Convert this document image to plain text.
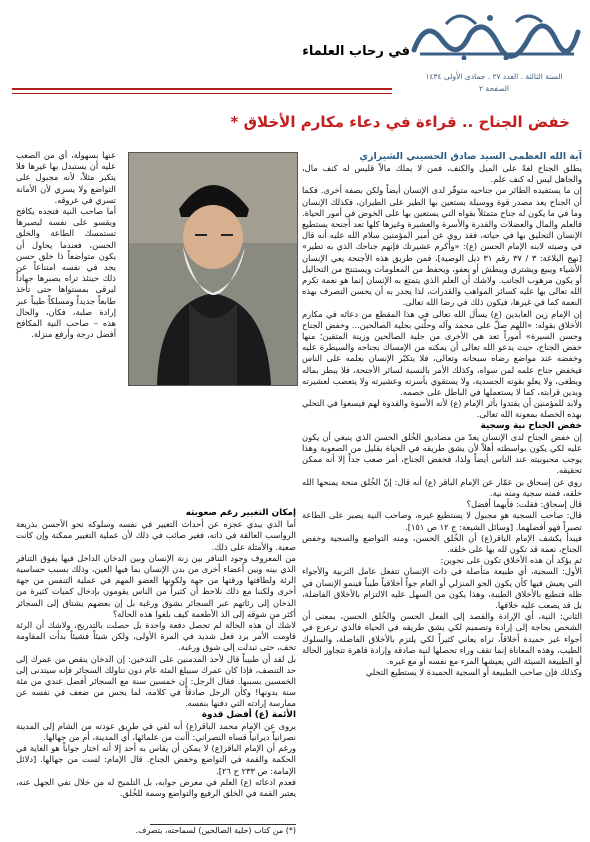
السنة الثالثة . العدد ٢٧ . جمادى الأولى ١٤٣٤
الصفحة ٢
في رحاب العلماء
خفض الجناح .. قراءة في دعاء مكارم الأخلاق *

آية الله العظمى السيد صادق الحسيني الشيرازي

يطلق الجناح لغةً على الميل والكنف، فمن لا يملك مالاً قليس له كنف مال، والجاهل ليس له كنف علم.

إن ما يستفيده الطائر من جناحيه متوفّر لدى الإنسان أيضاً ولكن بصفة أخرى. فكما أن الجناح يعد مصدر قوة ووسيلة يستعين بها الطير على الطيران، فكذلك الإنسان وما في ما يكون له جناح متمثلاً بقواه التي يستعين بها على الخوض في أمور الحياة. فالعلم والمال والعضلات والقدرة والأسرة والعشيرة وغيرها كلها تعد أجنحة يستطيع الإنسان التحليق بها في حياته، فقد روي عن أمير المؤمنين سلام الله عليه أنه قال في وصيته لابنه الإمام الحسن (ع): «وأكرم عشيرتك فإنهم جناحك الذي به تطير» [نهج البلاغة: ٣ / ٣٧ رقم ٣١ ذيل الوصية]، فمن طريق هذه الأجنحة يعي الإنسان الأشياء ويبيع ويشتري ويبطش أو يعفو، ويحفظ من المعلومات ويستنتج من التحاليل أو يكون مرهوب الجانب. ولاشك أن العلم الذي يتمتع به الإنسان إنما هو نعمة تكرم الله تعالى بها عليه كسائر المواهب والقدرات، لذا يجدر به أن يحسن التصرف بهذه النعمة كما في غيرها، فيكون ذلك في رضا الله تعالى.

إن الإمام زين العابدين (ع) يسأل الله تعالى في هذا المقطع من دعائه في مكارم الأخلاق بقوله: «اللهم صلّ على محمد وآله وحلّني بحلية الصالحين... وخفض الجناح وحسن السيرة» أموراً تعد هي الأخرى من حلية الصالحين وزينة المتقين؛ منها خفض الجناح، حيث يدعو الله تعالى أن يمكنه من الإمساك بجناحه والسيطرة عليه وخفضه عند مواضع رضاه سبحانه وتعالى، فلا يتكبّر الإنسان بعلمه على الناس فيخفض جناح علمه لمن سواه، وكذلك الأمر بالنسبة لسائر الأجنحة، فلا يبطر بماله ويطغى، ولا يعلو بقوته الجسدية، ولا يستقوي بأسرته وعشيرته ولا يتعصب لعشيرته ويدين قرابته، كما لا يستعملها في الباطل على خصمه.

ولابد للمؤمنين أن يقتدوا بأثر الإمام (ع) لأنه الأسوة والقدوة لهم فيسعوا في التحلي بهذه الخصلة بمعونة الله تعالى.

خفض الجناح نية وسجية

إن خفض الجناح لدى الإنسان يعدّ من مصاديق الخُلق الحسن الذي ينبغي أن يكون عليه لكي يكون بواسطته أهلاً لأن يشق طريقه في الحياة بقليل من الصعوبة وهذا يوجب محبوبيته عند الناس أيضاً ولذا، فخفض الجناح، أمر صعب جداً إلا أنه ممكن تحقيقه.

روي عن إسحاق بن عمّار عن الإمام الباقر (ع) أنه قال: إنّ الخُلق منحة يمنحها الله خلقه، فمنه سجية ومنه نية.

قال إسحاق: فقلت: فأيهما أفضل؟

قال: صاحب السجية هو مجبول لا يستطيع غيره، وصاحب النية يصبر على الطاعة تصبراً فهو أفضلهما. [وسائل الشيعة: ج ١٢ ص ١٥١].

فيبدأ يكشف الإمام الباقر(ع) أن الخُلق الحسن، ومنه التواضع والسجية وخفض الجناح، نعمة قد تكون لله بها على خلقه.

ثم يؤكد أن هذه الأخلاق تكون على نحوين:

الأول: السجية، أي طبيعة متأصلة في ذات الإنسان تتفعل عامل التربية والأجواء التي يعيش فيها كأن يكون الجو المنزلي أو العام جواً أخلاقياً طيباً فينمو الإنسان في ظله فتطبع بالأخلاق الطيبة، وهذا يكون من السهل عليه الالتزام بالأخلاق الفاضلة، بل قد يصعب عليه خلافها.

الثاني: النية، أي الإرادة والقصد إلى الفعل الحسن والخُلق الحسن، بمعنى أن الشخص بحاجة إلى إرادة وتصميم لكي يشق طريقه في الحياة فالذي ترعرع في أجواء غير حميدة أخلاقاً، تراه يعاني كثيراً لكي يلتزم بالأخلاق الفاضلة، والسلوك الطيب، وهذه المعاناة إنما تقف وراء تحصلها لنية صادقة وإرادة قاهرة تتجاوز الحالة أو الطبيعة السيئة التي يعيشها المرء مع نفسه أو مع غيره.

وكذلك فإن صاحب الطبيعة أو السجية الحميدة لا يستطيع التخلي

عنها بسهولة، أي من الصعب عليه أن يستبدل بها غيرها فلا يتكبر مثلاً، لأنه مجبول على التواضع ولا يسري لأن الأمانة تسري في عروقه.

أما صاحب النية فتجده يكافح ويقسو على نفسه ليصيرها تستمسك الطاعة والخلق الحسن، فعندما يحاول أن يكون متواضعاً ذا خلق حسن يجد في نفسه امتناعاً عن ذلك حينئذ تراه يصبرها جهاداً ليرقى بمستواها حتى تأخذ طابعاً جديداً ومسلكاً طيباً عبر إرادة صلبة، فكان، والحال هذه – صاحب النية المكافح أفضل درجة وأرفع منزلة.

إمكان التغيير رغم صعوبته

أما الذي يبدي عجزه عن أحداث التغيير في نفسه وسلوكه نحو الأحسن بذريعة الرواسب العالقة في ذاته، فغير صائب في ذلك لأن عملية التغيير ممكنة وإن كانت صعبة. والأمثلة على ذلك.

من المعروف وجود التنافر بين زنة الإنسان وبين الدخان الداخل فيها يفوق التنافر الذي بينه وبين أعضاء أخرى من بدن الإنسان بما فيها العين، وذلك بسبب حساسية الرئة ولطافتها ورقتها من جهة ولكونها العضو المهم في عملية التنفس من جهة أخرى ولكننا مع ذلك نلاحظ أن كثيراً من الناس يقومون بإدخال كميات كثيرة من الدخان إلى رئاتهم عبر السجائر بشوق ورغبة بل إن بعضهم يشتاق إلى السجائر أكثر من شوقه إلى الذ الأطعمة كيف بلغوا هذه الحالة؟

لاشك أن هذه الحالة لم تحصل دفعة واحدة بل حصلت بالتدريج، ولاشك أن الرئة قاومت الأمر برد فعل شديد في المرة الأولى، ولكن شيئاً فشيئاً بدأت المقاومة تخف، حتى تبدلت إلى شوق ورغبة.

بل لقد أن طبيباً قال لأحد المدمنين على التدخين: إن الدخان ينقص من عمرك إلى حد التنصف، فإذا كان عمرك سبيلغ المئة عام دون تناولك السجائر فإنه سيتدنى إلى الخمسين بسببها. فقال الرجل: إن خمسين سنة مع السجائر أفضل عندي من مئة سنة بدونها! وكأن الرجل صادقاً في كلامه، لما يحس من ضعف في نفسه عن ممارسة إرادته التي دفنها بنفسه.

الأئمة (ع) أفضل قدوة

يروى عن الإمام محمد الباقر(ع) أنه لقي في طريق عودته من الشام إلى المدينة نصرانياً ديرانياً قساه النصراني: أأنت من علمائها، أي المدينة، أم من جهالها.

ورغم أن الإمام الباقر(ع) لا يمكن أن يقاس به أحد إلا أنه اختار جواباً هو الغاية في الحكمة والقمة في التواضع وخفض الجناح. قال الإمام: لست من جهالها. [دلائل الإمامة: ص ٢٣٣ ح ٢٦].

فعدم ادعائه (ع) العلم في معرض جوابه، بل التلميح له من خلال نفي الجهل عنه، يعتبر القمة في الخلق الرفيع والتواضع وسمة للخُلق.

(*) من كتاب (حلية الصالحين) لسماحته، بتصرف.
